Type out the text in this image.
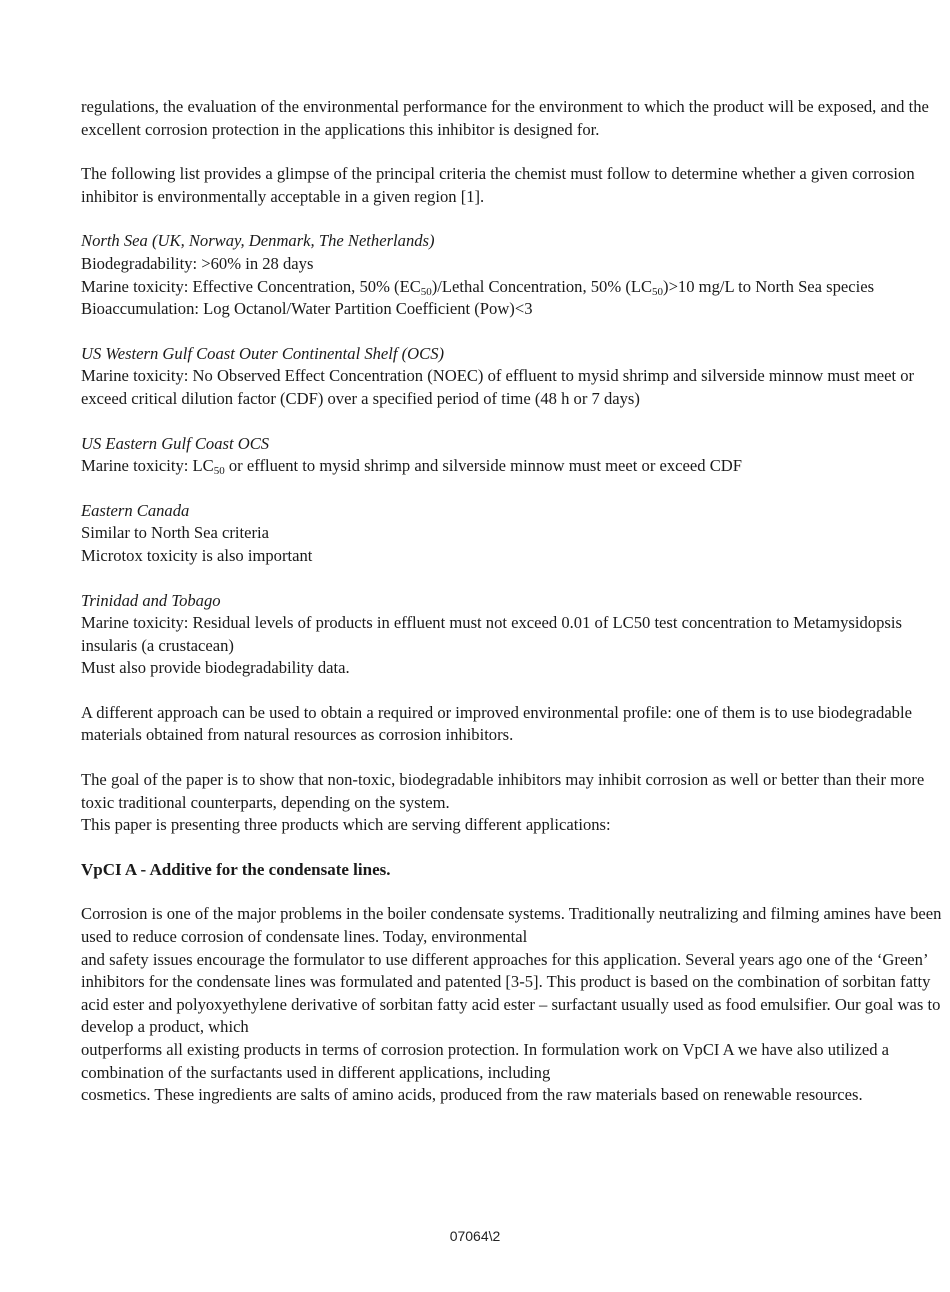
regulations, the evaluation of the environmental performance for the environment to which the product will be exposed, and the excellent corrosion protection in the applications this inhibitor is designed for.

The following list provides a glimpse of the principal criteria the chemist must follow to determine whether a given corrosion inhibitor is environmentally acceptable in a given region [1].

North Sea (UK, Norway, Denmark, The Netherlands)

Biodegradability: >60% in 28 days

Marine toxicity: Effective Concentration, 50% $(EC_{50})$/Lethal Concentration, 50% $(LC_{50})>10$ mg/L to North Sea species

Bioaccumulation: Log Octanol/Water Partition Coefficient (Pow)<3

US Western Gulf Coast Outer Continental Shelf (OCS)

Marine toxicity: No Observed Effect Concentration (NOEC) of effluent to mysid shrimp and silverside minnow must meet or exceed critical dilution factor (CDF) over a specified period of time (48 h or 7 days)

US Eastern Gulf Coast OCS

Marine toxicity: $LC_{50}$ or effluent to mysid shrimp and silverside minnow must meet or exceed CDF

Eastern Canada

Similar to North Sea criteria

Microtox toxicity is also important

Trinidad and Tobago

Marine toxicity: Residual levels of products in effluent must not exceed 0.01 of LC50 test concentration to Metamysidopsis insularis (a crustacean)

Must also provide biodegradability data.

A different approach can be used to obtain a required or improved environmental profile: one of them is to use biodegradable materials obtained from natural resources as corrosion inhibitors.

The goal of the paper is to show that non-toxic, biodegradable inhibitors may inhibit corrosion as well or better than their more toxic traditional counterparts, depending on the system.

This paper is presenting three products which are serving different applications:

VpCI A - Additive for the condensate lines.

Corrosion is one of the major problems in the boiler condensate systems. Traditionally neutralizing and filming amines have been used to reduce corrosion of condensate lines. Today, environmental

and safety issues encourage the formulator to use different approaches for this application. Several years ago one of the ‘Green’ inhibitors for the condensate lines was formulated and patented [3-5]. This product is based on the combination of sorbitan fatty acid ester and polyoxyethylene derivative of sorbitan fatty acid ester – surfactant usually used as food emulsifier. Our goal was to develop a product, which

outperforms all existing products in terms of corrosion protection. In formulation work on VpCI A we have also utilized a combination of the surfactants used in different applications, including

cosmetics. These ingredients are salts of amino acids, produced from the raw materials based on renewable resources.

07064\2
